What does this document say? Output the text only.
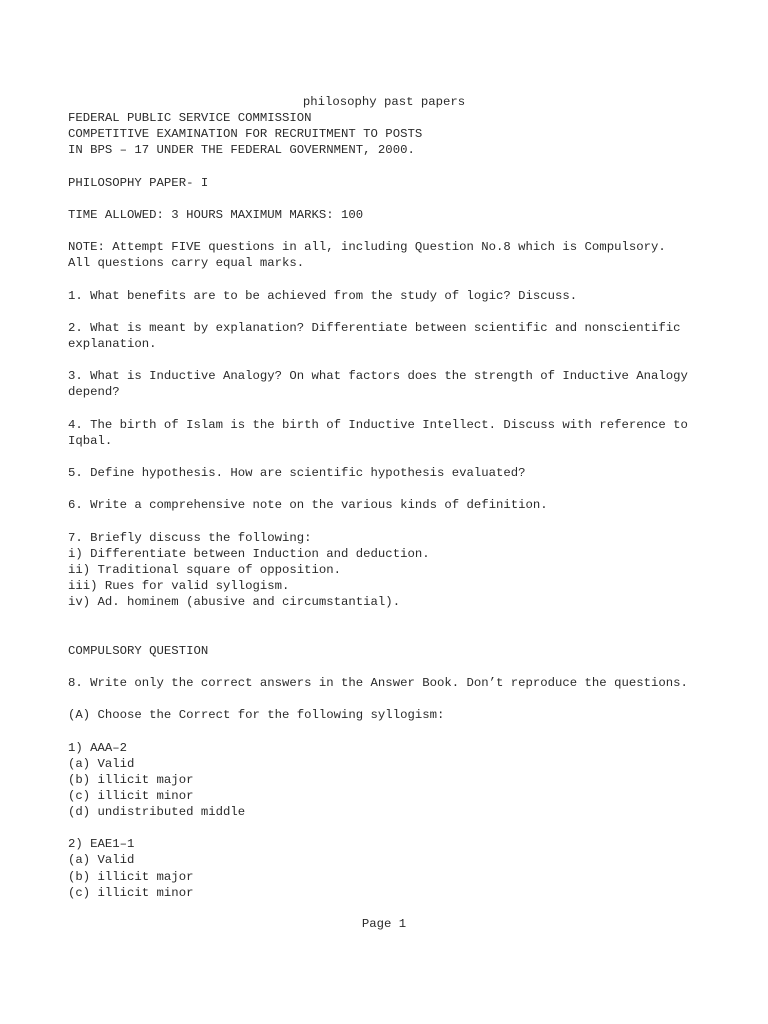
philosophy past papers
FEDERAL PUBLIC SERVICE COMMISSION
COMPETITIVE EXAMINATION FOR RECRUITMENT TO POSTS
IN BPS – 17 UNDER THE FEDERAL GOVERNMENT, 2000.
PHILOSOPHY PAPER- I
TIME ALLOWED: 3 HOURS MAXIMUM MARKS: 100
NOTE: Attempt FIVE questions in all, including Question No.8 which is Compulsory.
All questions carry equal marks.
1. What benefits are to be achieved from the study of logic? Discuss.
2. What is meant by explanation? Differentiate between scientific and nonscientific
explanation.
3. What is Inductive Analogy? On what factors does the strength of Inductive Analogy
depend?
4. The birth of Islam is the birth of Inductive Intellect. Discuss with reference to
Iqbal.
5. Define hypothesis. How are scientific hypothesis evaluated?
6. Write a comprehensive note on the various kinds of definition.
7. Briefly discuss the following:
i) Differentiate between Induction and deduction.
ii) Traditional square of opposition.
iii) Rues for valid syllogism.
iv) Ad. hominem (abusive and circumstantial).
COMPULSORY QUESTION
8. Write only the correct answers in the Answer Book. Don’t reproduce the questions.
(A) Choose the Correct for the following syllogism:
1) AAA–2
(a) Valid
(b) illicit major
(c) illicit minor
(d) undistributed middle
2) EAE1–1
(a) Valid
(b) illicit major
(c) illicit minor
Page 1
